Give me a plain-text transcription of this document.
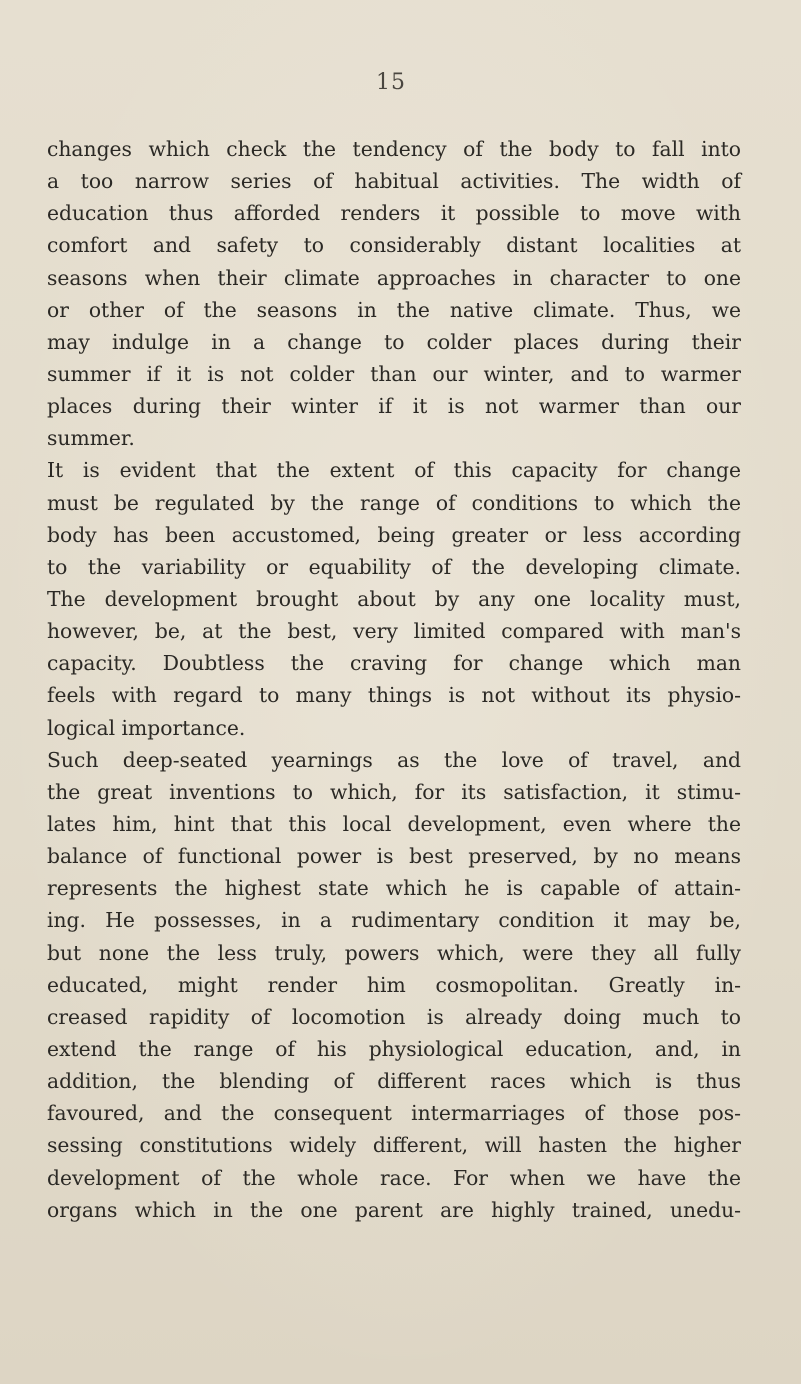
15
changes which check the tendency of the body to fall into
a too narrow series of habitual activities. The width of
education thus afforded renders it possible to move with
comfort and safety to considerably distant localities at
seasons when their climate approaches in character to one
or other of the seasons in the native climate. Thus, we
may indulge in a change to colder places during their
summer if it is not colder than our winter, and to warmer
places during their winter if it is not warmer than our
summer.
It is evident that the extent of this capacity for change
must be regulated by the range of conditions to which the
body has been accustomed, being greater or less according
to the variability or equability of the developing climate.
The development brought about by any one locality must,
however, be, at the best, very limited compared with man's
capacity. Doubtless the craving for change which man
feels with regard to many things is not without its physio-
logical importance.
Such deep-seated yearnings as the love of travel, and
the great inventions to which, for its satisfaction, it stimu-
lates him, hint that this local development, even where the
balance of functional power is best preserved, by no means
represents the highest state which he is capable of attain-
ing. He possesses, in a rudimentary condition it may be,
but none the less truly, powers which, were they all fully
educated, might render him cosmopolitan. Greatly in-
creased rapidity of locomotion is already doing much to
extend the range of his physiological education, and, in
addition, the blending of different races which is thus
favoured, and the consequent intermarriages of those pos-
sessing constitutions widely different, will hasten the higher
development of the whole race. For when we have the
organs which in the one parent are highly trained, unedu-
